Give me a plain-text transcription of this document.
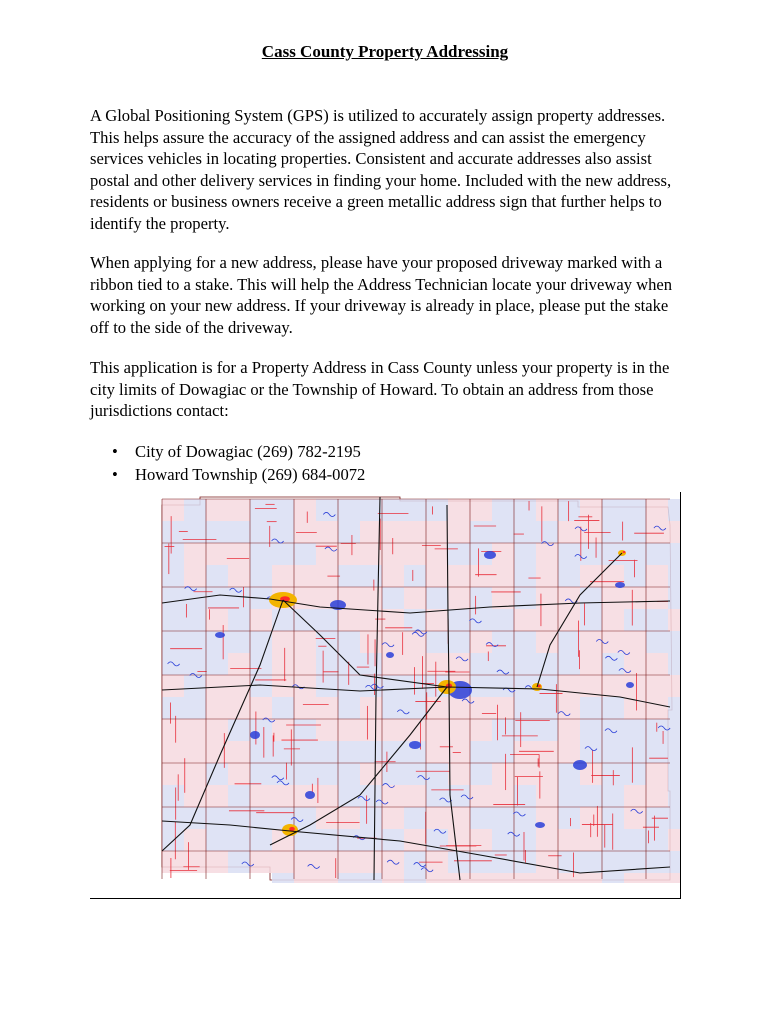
Cass County Property Addressing

A Global Positioning System (GPS) is utilized to accurately assign property addresses. This helps assure the accuracy of the assigned address and can assist the emergency services vehicles in locating properties. Consistent and accurate addresses also assist postal and other delivery services in finding your home. Included with the new address, residents or business owners receive a green metallic address sign that further helps to identify the property.

When applying for a new address, please have your proposed driveway marked with a ribbon tied to a stake. This will help the Address Technician locate your driveway when working on your new address. If your driveway is already in place, please put the stake off to the side of the driveway.

This application is for a Property Address in Cass County unless your property is in the city limits of Dowagiac or the Township of Howard. To obtain an address from those jurisdictions contact:

• City of Dowagiac (269) 782-2195
• Howard Township (269) 684-0072
